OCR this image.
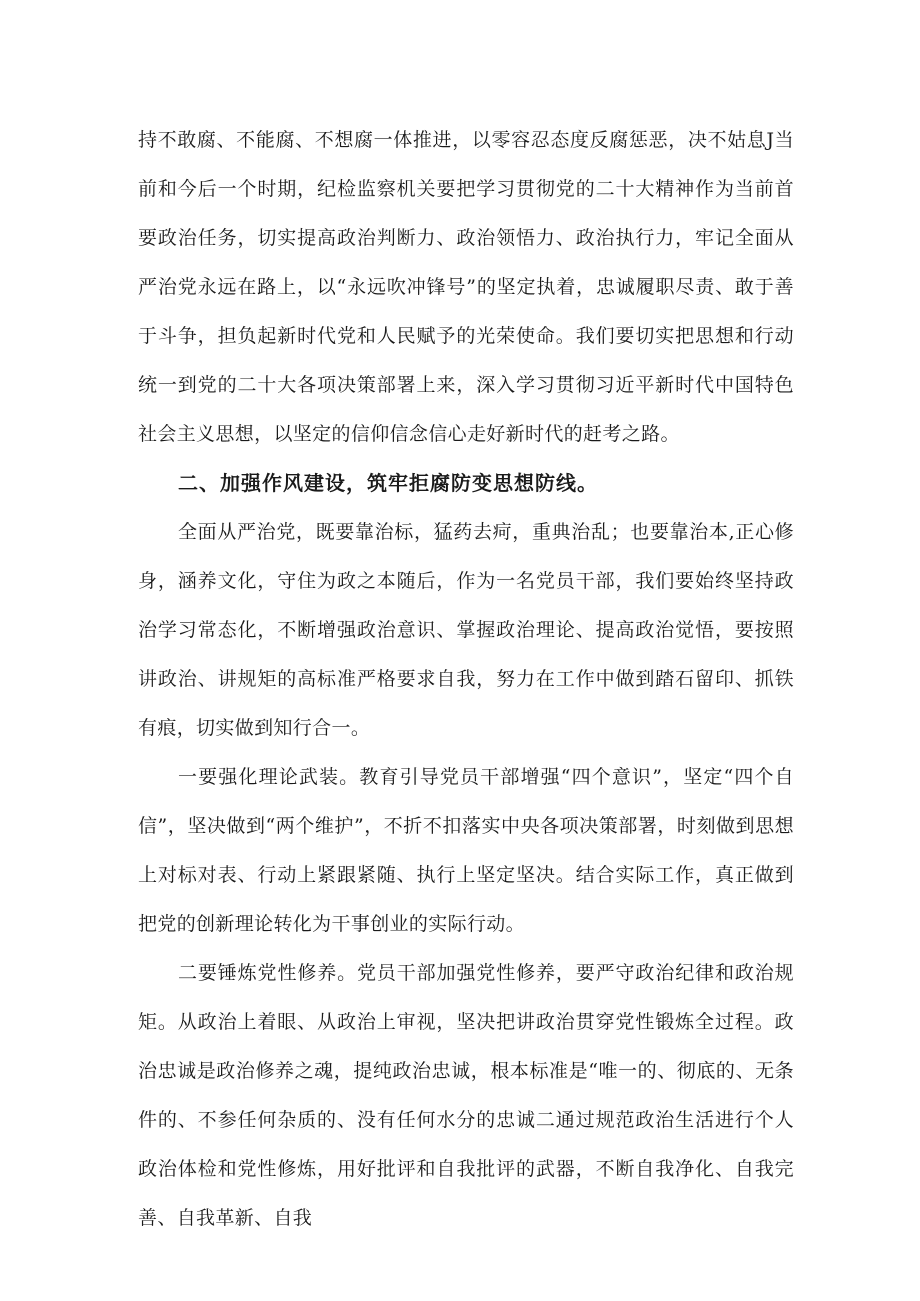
持不敢腐、不能腐、不想腐一体推进，以零容忍态度反腐惩恶，决不姑息J当前和今后一个时期，纪检监察机关要把学习贯彻党的二十大精神作为当前首要政治任务，切实提高政治判断力、政治领悟力、政治执行力，牢记全面从严治党永远在路上，以“永远吹冲锋号”的坚定执着，忠诚履职尽责、敢于善于斗争，担负起新时代党和人民赋予的光荣使命。我们要切实把思想和行动统一到党的二十大各项决策部署上来，深入学习贯彻习近平新时代中国特色社会主义思想，以坚定的信仰信念信心走好新时代的赶考之路。

二、加强作风建设，筑牢拒腐防变思想防线。

全面从严治党，既要靠治标，猛药去疴，重典治乱；也要靠治本,正心修身，涵养文化，守住为政之本随后，作为一名党员干部，我们要始终坚持政治学习常态化，不断增强政治意识、掌握政治理论、提高政治觉悟，要按照讲政治、讲规矩的高标准严格要求自我，努力在工作中做到踏石留印、抓铁有痕，切实做到知行合一。

一要强化理论武装。教育引导党员干部增强“四个意识”，坚定“四个自信”，坚决做到“两个维护”，不折不扣落实中央各项决策部署，时刻做到思想上对标对表、行动上紧跟紧随、执行上坚定坚决。结合实际工作，真正做到把党的创新理论转化为干事创业的实际行动。

二要锤炼党性修养。党员干部加强党性修养，要严守政治纪律和政治规矩。从政治上着眼、从政治上审视，坚决把讲政治贯穿党性锻炼全过程。政治忠诚是政治修养之魂，提纯政治忠诚，根本标准是“唯一的、彻底的、无条件的、不参任何杂质的、没有任何水分的忠诚二通过规范政治生活进行个人政治体检和党性修炼，用好批评和自我批评的武器，不断自我净化、自我完善、自我革新、自我
